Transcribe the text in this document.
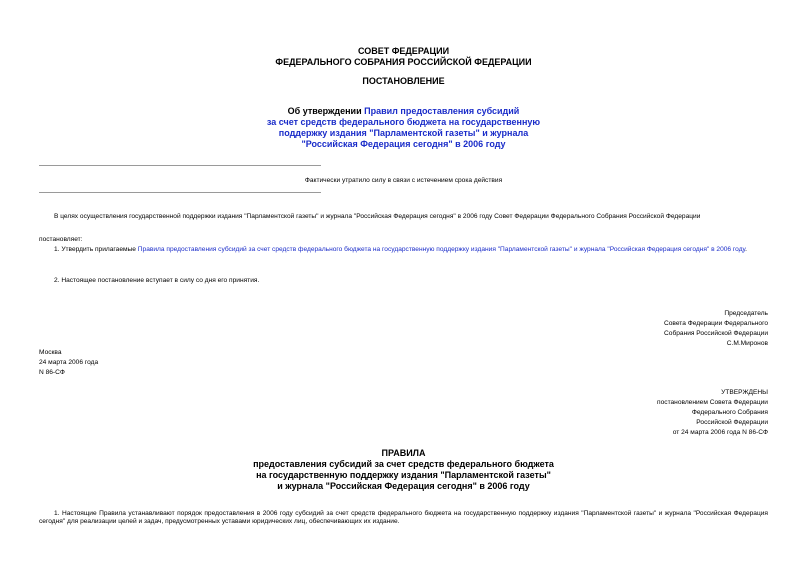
СОВЕТ ФЕДЕРАЦИИ
ФЕДЕРАЛЬНОГО СОБРАНИЯ РОССИЙСКОЙ ФЕДЕРАЦИИ
ПОСТАНОВЛЕНИЕ
Об утверждении Правил предоставления субсидий
за счет средств федерального бюджета на государственную
поддержку издания "Парламентской газеты" и журнала
"Российская Федерация сегодня" в 2006 году
Фактически утратило силу в связи с истечением срока действия
В целях осуществления государственной поддержки издания "Парламентской газеты" и журнала "Российская Федерация сегодня" в 2006 году Совет Федерации Федерального Собрания Российской Федерации
постановляет:
1. Утвердить прилагаемые Правила предоставления субсидий за счет средств федерального бюджета на государственную поддержку издания "Парламентской газеты" и журнала "Российская Федерация сегодня" в 2006 году.
2. Настоящее постановление вступает в силу со дня его принятия.
Председатель
Совета Федерации Федерального
Собрания Российской Федерации
С.М.Миронов
Москва
24 марта 2006 года
N 86-СФ
УТВЕРЖДЕНЫ
постановлением Совета Федерации
Федерального Собрания
Российской Федерации
от 24 марта 2006 года N 86-СФ
ПРАВИЛА
предоставления субсидий за счет средств федерального бюджета
на государственную поддержку издания "Парламентской газеты"
и журнала "Российская Федерация сегодня" в 2006 году
1. Настоящие Правила устанавливают порядок предоставления в 2006 году субсидий за счет средств федерального бюджета на государственную поддержку издания "Парламентской газеты" и журнала "Российская Федерация сегодня" для реализации целей и задач, предусмотренных уставами юридических лиц, обеспечивающих их издание.
